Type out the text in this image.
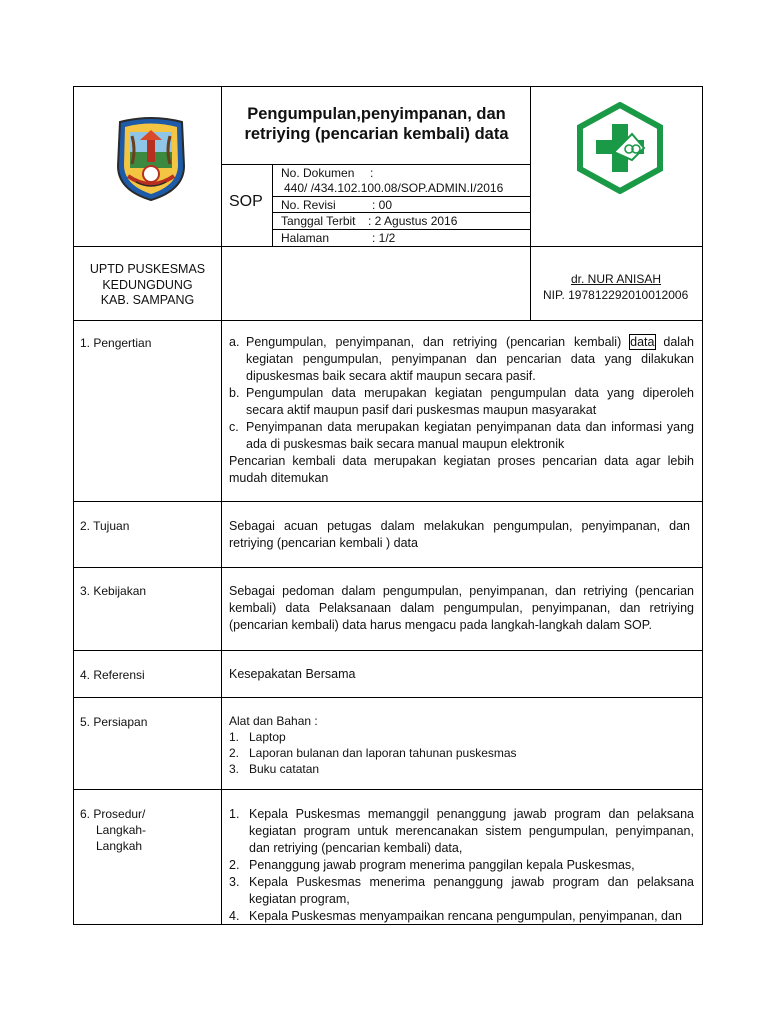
Pengumpulan,penyimpanan, dan retriying (pencarian kembali) data
SOP
No. Dokumen :
440/ /434.102.100.08/SOP.ADMIN.I/2016
No. Revisi	: 00
Tanggal Terbit : 2 Agustus 2016
Halaman	: 1/2
UPTD PUSKESMAS
KEDUNGDUNG
KAB. SAMPANG
dr. NUR ANISAH
NIP. 197812292010012006
1. Pengertian
2. Tujuan
3. Kebijakan
4. Referensi
5. Persiapan
6. Prosedur/
Langkah-
Langkah
a. Pengumpulan, penyimpanan, dan retriying (pencarian kembali) data dalah kegiatan pengumpulan, penyimpanan dan pencarian data yang dilakukan dipuskesmas baik secara aktif maupun secara pasif.
b. Pengumpulan data merupakan kegiatan pengumpulan data yang diperoleh secara aktif maupun pasif dari puskesmas maupun masyarakat
c. Penyimpanan data merupakan kegiatan penyimpanan data dan informasi yang ada di puskesmas baik secara manual maupun elektronik

Pencarian kembali data merupakan kegiatan proses pencarian data agar lebih mudah ditemukan

Sebagai acuan petugas dalam melakukan pengumpulan, penyimpanan, dan retriying (pencarian kembali ) data

Sebagai pedoman dalam pengumpulan, penyimpanan, dan retriying (pencarian kembali) data Pelaksanaan dalam pengumpulan, penyimpanan, dan retriying (pencarian kembali) data harus mengacu pada langkah-langkah dalam SOP.

Kesepakatan Bersama

Alat dan Bahan :

1. Laptop
2. Laporan bulanan dan laporan tahunan puskesmas
3. Buku catatan
1. Kepala Puskesmas memanggil penanggung jawab program dan pelaksana kegiatan program untuk merencanakan sistem pengumpulan, penyimpanan, dan retriying (pencarian kembali) data,
2. Penanggung jawab program menerima panggilan kepala Puskesmas,
3. Kepala Puskesmas menerima penanggung jawab program dan pelaksana kegiatan program,
4. Kepala Puskesmas menyampaikan rencana pengumpulan, penyimpanan, dan
